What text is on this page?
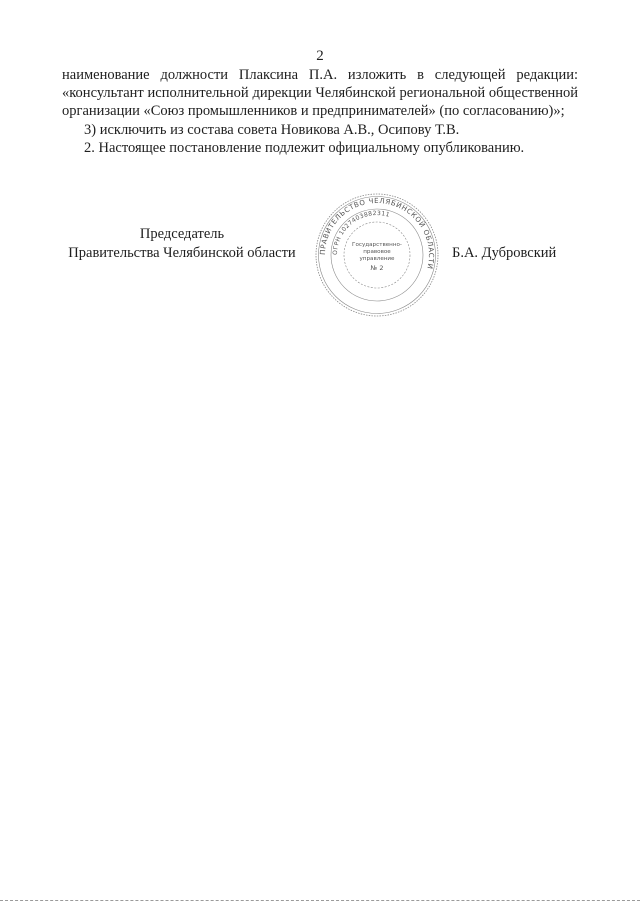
2

наименование должности Плаксина П.А. изложить в следующей редакции: «консультант исполнительной дирекции Челябинской региональной общественной организации «Союз промышленников и предпринимателей» (по согласованию)»;

3) исключить из состава совета Новикова А.В., Осипову Т.В.

2. Настоящее постановление подлежит официальному опубликованию.

Председатель
Правительства Челябинской области	ПРАВИТЕЛЬСТВО ЧЕЛЯБИНСКОЙ ОБЛАСТИ
ОГРН 1027403882311
Государственно-
правовое
управление
№ 2
Б.А. Дубровский
